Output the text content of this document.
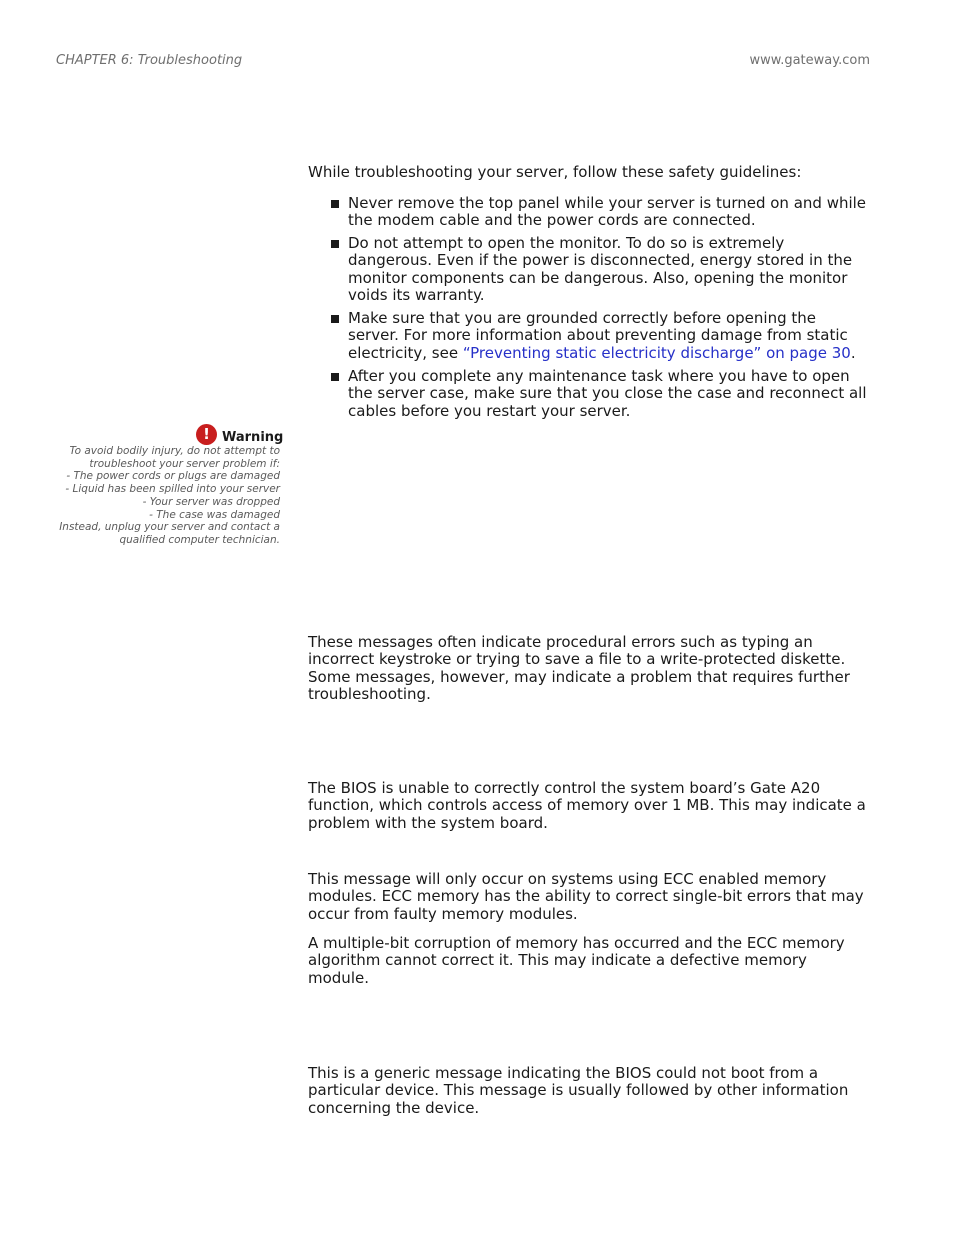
CHAPTER 6: Troubleshooting	www.gateway.com

While troubleshooting your server, follow these safety guidelines:

Never remove the top panel while your server is turned on and while the modem cable and the power cords are connected.
Do not attempt to open the monitor. To do so is extremely dangerous. Even if the power is disconnected, energy stored in the monitor components can be dangerous. Also, opening the monitor voids its warranty.
Make sure that you are grounded correctly before opening the server. For more information about preventing damage from static electricity, see “Preventing static electricity discharge” on page 30.
After you complete any maintenance task where you have to open the server case, make sure that you close the case and reconnect all cables before you restart your server.
! Warning
To avoid bodily injury, do not attempt to
troubleshoot your server problem if:
- The power cords or plugs are damaged
- Liquid has been spilled into your server
- Your server was dropped
- The case was damaged
Instead, unplug your server and contact a
qualified computer technician.

These messages often indicate procedural errors such as typing an incorrect keystroke or trying to save a file to a write-protected diskette. Some messages, however, may indicate a problem that requires further troubleshooting.

The BIOS is unable to correctly control the system board’s Gate A20 function, which controls access of memory over 1 MB. This may indicate a problem with the system board.

This message will only occur on systems using ECC enabled memory modules. ECC memory has the ability to correct single-bit errors that may occur from faulty memory modules.

A multiple-bit corruption of memory has occurred and the ECC memory algorithm cannot correct it. This may indicate a defective memory module.

This is a generic message indicating the BIOS could not boot from a particular device. This message is usually followed by other information concerning the device.
